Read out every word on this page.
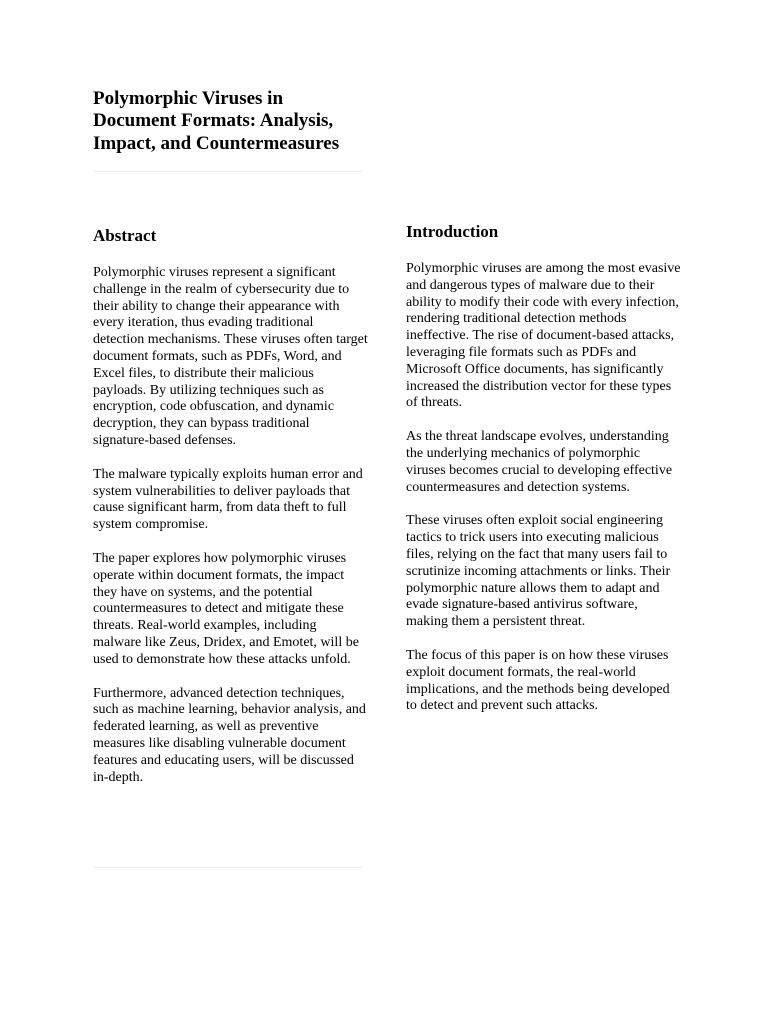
Polymorphic Viruses in Document Formats: Analysis, Impact, and Countermeasures
Abstract

Polymorphic viruses represent a significant challenge in the realm of cybersecurity due to their ability to change their appearance with every iteration, thus evading traditional detection mechanisms. These viruses often target document formats, such as PDFs, Word, and Excel files, to distribute their malicious payloads. By utilizing techniques such as encryption, code obfuscation, and dynamic decryption, they can bypass traditional signature-based defenses.

The malware typically exploits human error and system vulnerabilities to deliver payloads that cause significant harm, from data theft to full system compromise.

The paper explores how polymorphic viruses operate within document formats, the impact they have on systems, and the potential countermeasures to detect and mitigate these threats. Real-world examples, including malware like Zeus, Dridex, and Emotet, will be used to demonstrate how these attacks unfold.

Furthermore, advanced detection techniques, such as machine learning, behavior analysis, and federated learning, as well as preventive measures like disabling vulnerable document features and educating users, will be discussed in-depth.

Introduction

Polymorphic viruses are among the most evasive and dangerous types of malware due to their ability to modify their code with every infection, rendering traditional detection methods ineffective. The rise of document-based attacks, leveraging file formats such as PDFs and Microsoft Office documents, has significantly increased the distribution vector for these types of threats.

As the threat landscape evolves, understanding the underlying mechanics of polymorphic viruses becomes crucial to developing effective countermeasures and detection systems.

These viruses often exploit social engineering tactics to trick users into executing malicious files, relying on the fact that many users fail to scrutinize incoming attachments or links. Their polymorphic nature allows them to adapt and evade signature-based antivirus software, making them a persistent threat.

The focus of this paper is on how these viruses exploit document formats, the real-world implications, and the methods being developed to detect and prevent such attacks.
